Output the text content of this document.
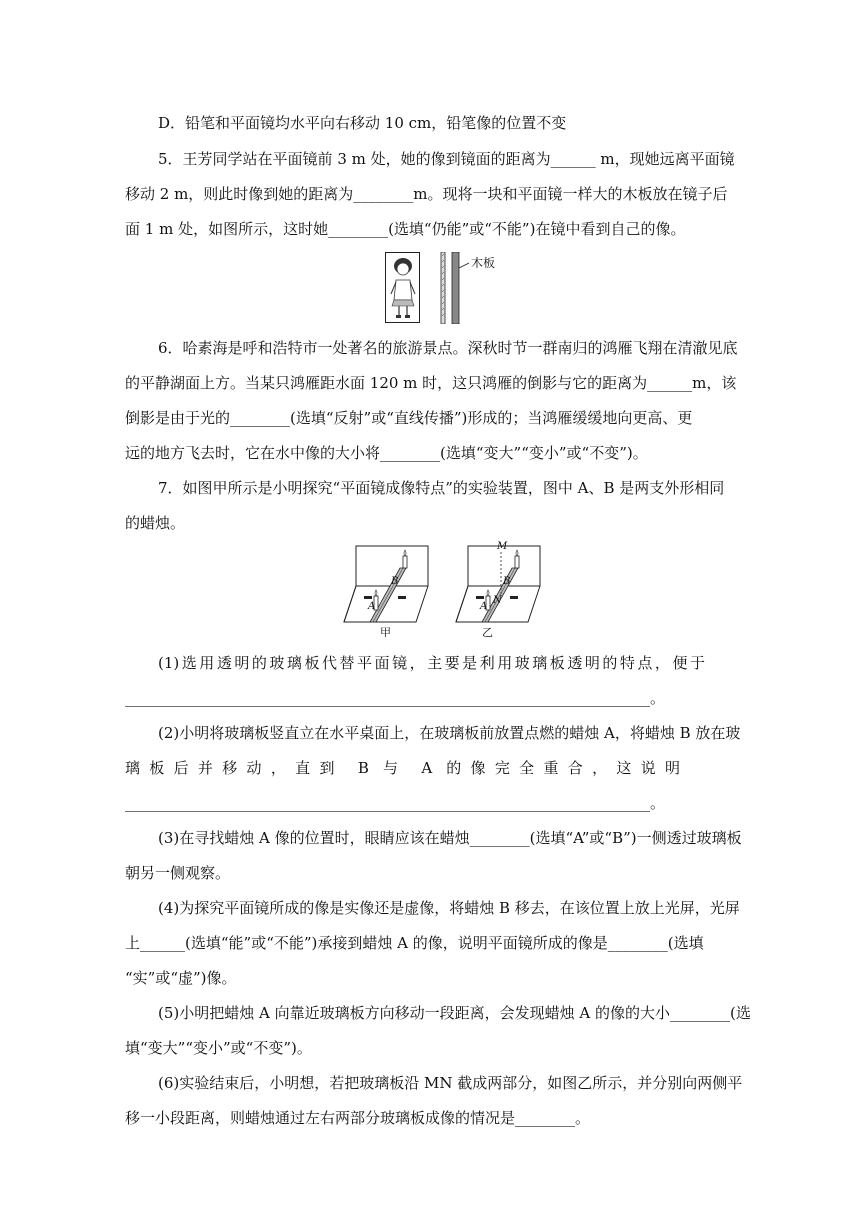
D．铅笔和平面镜均水平向右移动 10 cm，铅笔像的位置不变
5．王芳同学站在平面镜前 3 m 处，她的像到镜面的距离为______ m，现她远离平面镜
移动 2 m，则此时像到她的距离为________m。现将一块和平面镜一样大的木板放在镜子后
面 1 m 处，如图所示，这时她________(选填“仍能”或“不能”)在镜中看到自己的像。
木板
6．哈素海是呼和浩特市一处著名的旅游景点。深秋时节一群南归的鸿雁飞翔在清澈见底
的平静湖面上方。当某只鸿雁距水面 120 m 时，这只鸿雁的倒影与它的距离为______m，该
倒影是由于光的________(选填“反射”或“直线传播”)形成的；当鸿雁缓缓地向更高、更
远的地方飞去时，它在水中像的大小将________(选填“变大”“变小”或“不变”)。
7．如图甲所示是小明探究“平面镜成像特点”的实验装置，图中 A、B 是两支外形相同
的蜡烛。
B
A
甲
M
N
B
A
乙
(1)选用透明的玻璃板代替平面镜，主要是利用玻璃板透明的特点，便于
______________________________________________________________________。
(2)小明将玻璃板竖直立在水平桌面上，在玻璃板前放置点燃的蜡烛 A，将蜡烛 B 放在玻
璃板后并移动，直到 B 与 A 的像完全重合，这说明
______________________________________________________________________。
(3)在寻找蜡烛 A 像的位置时，眼睛应该在蜡烛________(选填“A”或“B”)一侧透过玻璃板
朝另一侧观察。
(4)为探究平面镜所成的像是实像还是虚像，将蜡烛 B 移去，在该位置上放上光屏，光屏
上______(选填“能”或“不能”)承接到蜡烛 A 的像，说明平面镜所成的像是________(选填
“实”或“虚”)像。
(5)小明把蜡烛 A 向靠近玻璃板方向移动一段距离，会发现蜡烛 A 的像的大小________(选
填“变大”“变小”或“不变”)。
(6)实验结束后，小明想，若把玻璃板沿 MN 截成两部分，如图乙所示，并分别向两侧平
移一小段距离，则蜡烛通过左右两部分玻璃板成像的情况是________。
